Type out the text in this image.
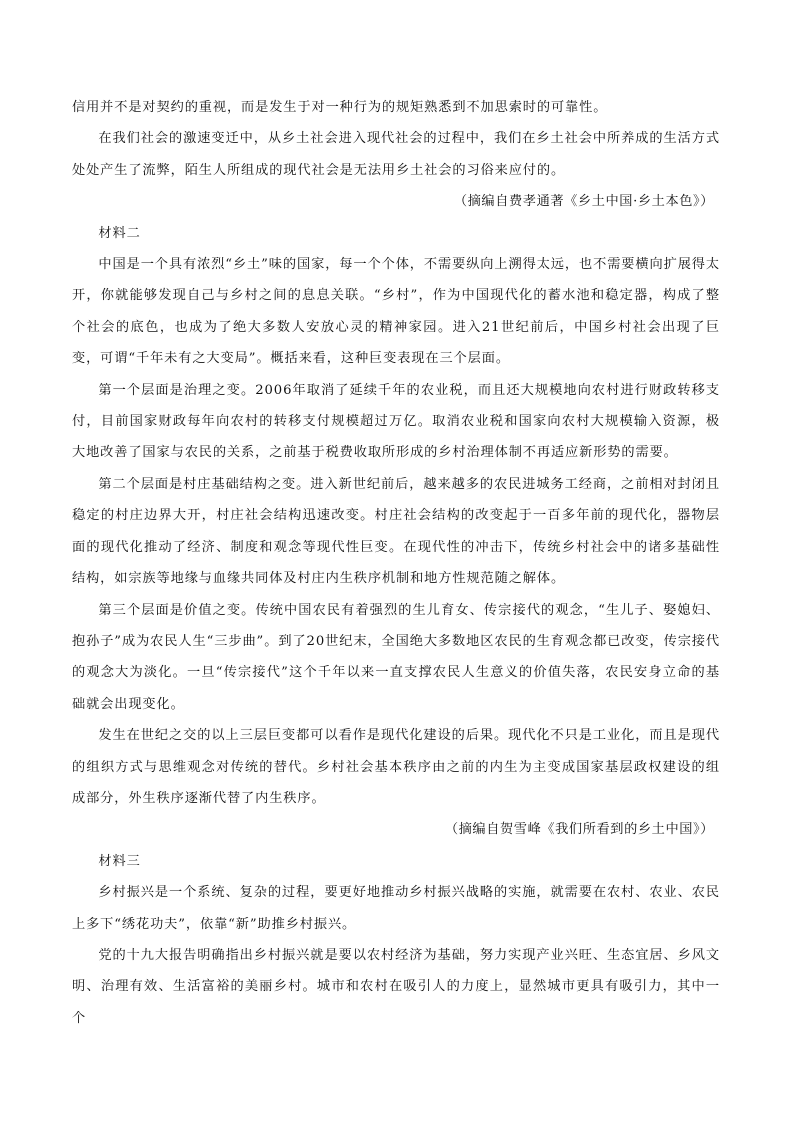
信用并不是对契约的重视，而是发生于对一种行为的规矩熟悉到不加思索时的可靠性。

在我们社会的激速变迁中，从乡土社会进入现代社会的过程中，我们在乡土社会中所养成的生活方式处处产生了流弊，陌生人所组成的现代社会是无法用乡土社会的习俗来应付的。

（摘编自费孝通著《乡土中国·乡土本色》）

材料二

中国是一个具有浓烈“乡土”味的国家，每一个个体，不需要纵向上溯得太远，也不需要横向扩展得太开，你就能够发现自己与乡村之间的息息关联。“乡村”，作为中国现代化的蓄水池和稳定器，构成了整个社会的底色，也成为了绝大多数人安放心灵的精神家园。进入21世纪前后，中国乡村社会出现了巨变，可谓“千年未有之大变局”。概括来看，这种巨变表现在三个层面。

第一个层面是治理之变。2006年取消了延续千年的农业税，而且还大规模地向农村进行财政转移支付，目前国家财政每年向农村的转移支付规模超过万亿。取消农业税和国家向农村大规模输入资源，极大地改善了国家与农民的关系，之前基于税费收取所形成的乡村治理体制不再适应新形势的需要。

第二个层面是村庄基础结构之变。进入新世纪前后，越来越多的农民进城务工经商，之前相对封闭且稳定的村庄边界大开，村庄社会结构迅速改变。村庄社会结构的改变起于一百多年前的现代化，器物层面的现代化推动了经济、制度和观念等现代性巨变。在现代性的冲击下，传统乡村社会中的诸多基础性结构，如宗族等地缘与血缘共同体及村庄内生秩序机制和地方性规范随之解体。

第三个层面是价值之变。传统中国农民有着强烈的生儿育女、传宗接代的观念，“生儿子、娶媳妇、抱孙子”成为农民人生“三步曲”。到了20世纪末，全国绝大多数地区农民的生育观念都已改变，传宗接代的观念大为淡化。一旦“传宗接代”这个千年以来一直支撑农民人生意义的价值失落，农民安身立命的基础就会出现变化。

发生在世纪之交的以上三层巨变都可以看作是现代化建设的后果。现代化不只是工业化，而且是现代的组织方式与思维观念对传统的替代。乡村社会基本秩序由之前的内生为主变成国家基层政权建设的组成部分，外生秩序逐渐代替了内生秩序。

（摘编自贺雪峰《我们所看到的乡土中国》）

材料三

乡村振兴是一个系统、复杂的过程，要更好地推动乡村振兴战略的实施，就需要在农村、农业、农民上多下“绣花功夫”，依靠“新”助推乡村振兴。

党的十九大报告明确指出乡村振兴就是要以农村经济为基础，努力实现产业兴旺、生态宜居、乡风文明、治理有效、生活富裕的美丽乡村。城市和农村在吸引人的力度上，显然城市更具有吸引力，其中一个
